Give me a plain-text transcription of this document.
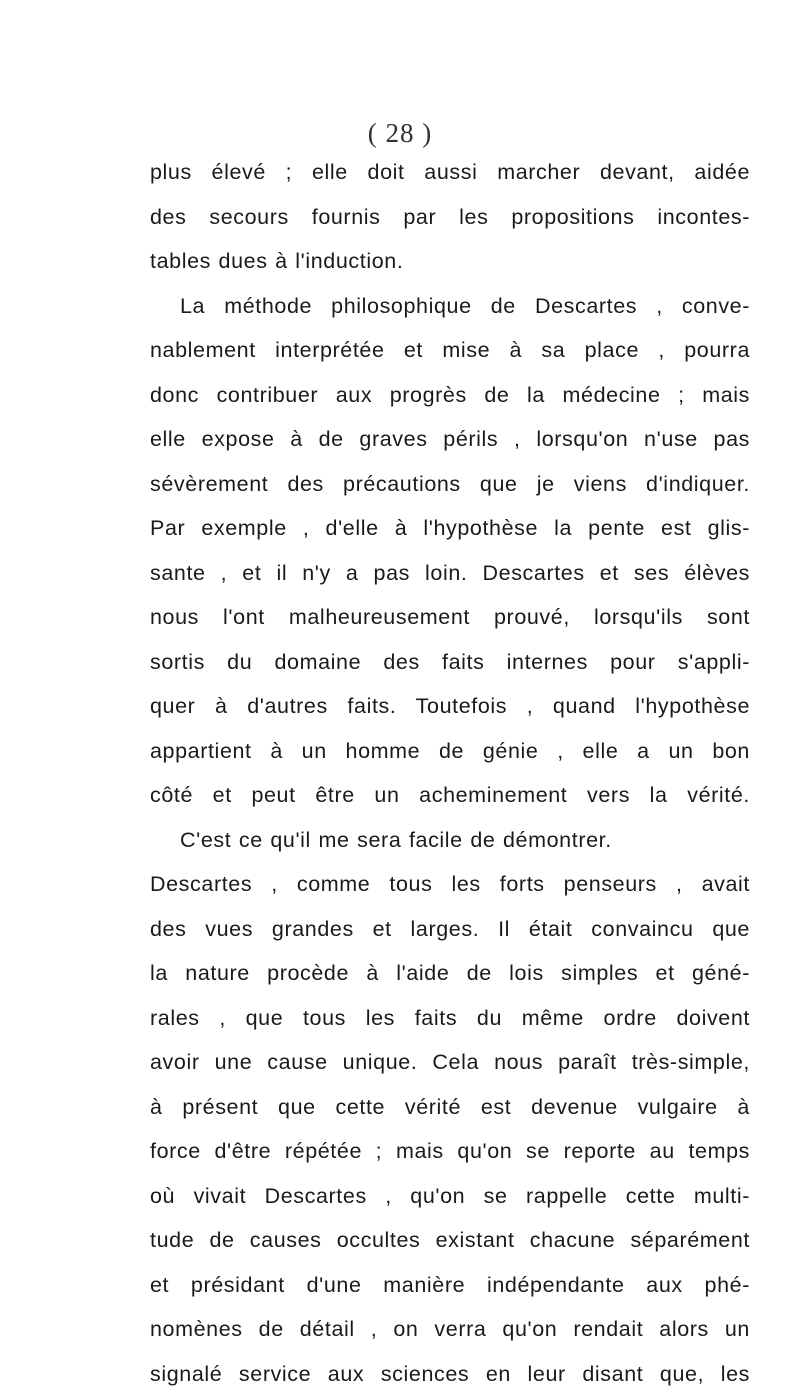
( 28 )
plus élevé ; elle doit aussi marcher devant, aidée
des secours fournis par les propositions incontes-
tables dues à l'induction.
La méthode philosophique de Descartes , conve-
nablement interprétée et mise à sa place , pourra
donc contribuer aux progrès de la médecine ; mais
elle expose à de graves périls , lorsqu'on n'use pas
sévèrement des précautions que je viens d'indiquer.
Par exemple , d'elle à l'hypothèse la pente est glis-
sante , et il n'y a pas loin. Descartes et ses élèves
nous l'ont malheureusement prouvé, lorsqu'ils sont
sortis du domaine des faits internes pour s'appli-
quer à d'autres faits. Toutefois , quand l'hypothèse
appartient à un homme de génie , elle a un bon
côté et peut être un acheminement vers la vérité.
C'est ce qu'il me sera facile de démontrer.
Descartes , comme tous les forts penseurs , avait
des vues grandes et larges. Il était convaincu que
la nature procède à l'aide de lois simples et géné-
rales , que tous les faits du même ordre doivent
avoir une cause unique. Cela nous paraît très-simple,
à présent que cette vérité est devenue vulgaire à
force d'être répétée ; mais qu'on se reporte au temps
où vivait Descartes , qu'on se rappelle cette multi-
tude de causes occultes existant chacune séparément
et présidant d'une manière indépendante aux phé-
nomènes de détail , on verra qu'on rendait alors un
signalé service aux sciences en leur disant que, les
